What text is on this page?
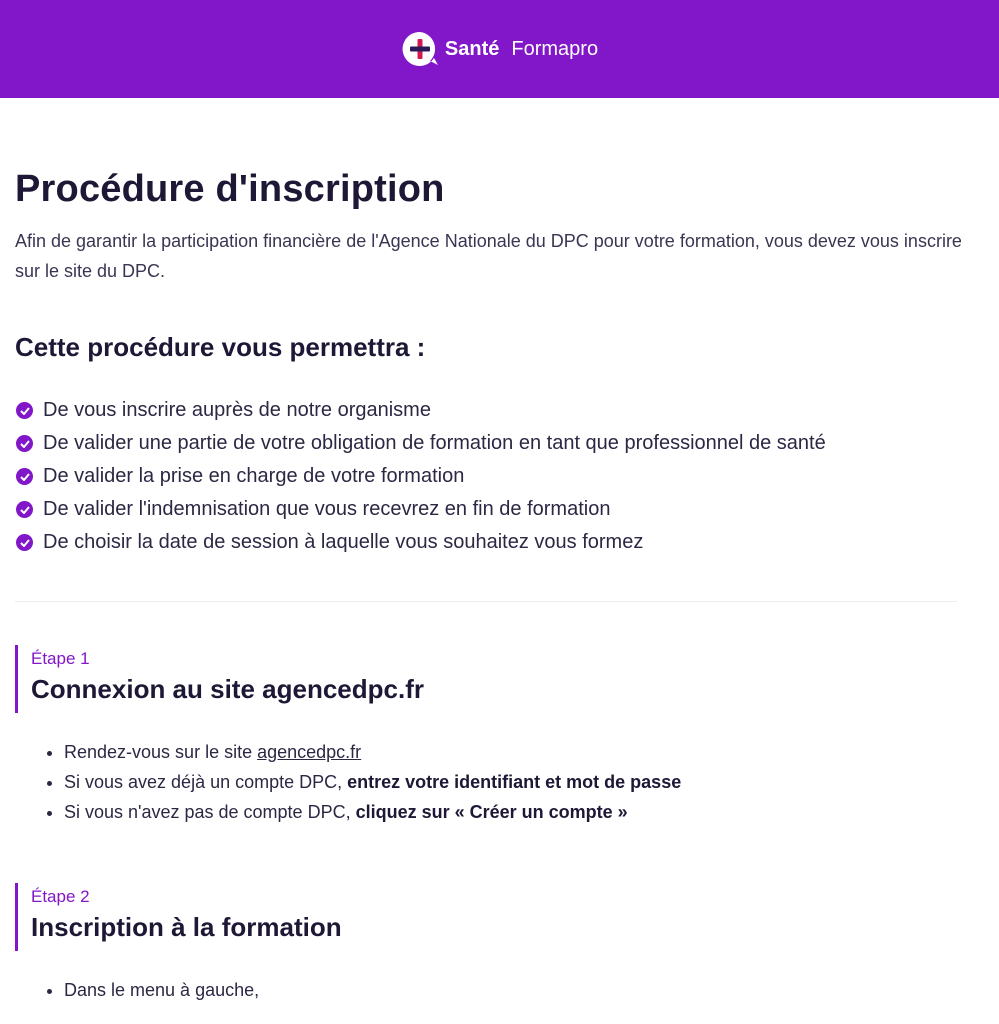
Santé Formapro
Procédure d'inscription

Afin de garantir la participation financière de l'Agence Nationale du DPC pour votre formation, vous devez vous inscrire sur le site du DPC.

Cette procédure vous permettra :
De vous inscrire auprès de notre organisme
De valider une partie de votre obligation de formation en tant que professionnel de santé
De valider la prise en charge de votre formation
De valider l'indemnisation que vous recevrez en fin de formation
De choisir la date de session à laquelle vous souhaitez vous formez
Étape 1
Connexion au site agencedpc.fr
• Rendez-vous sur le site agencedpc.fr
• Si vous avez déjà un compte DPC, entrez votre identifiant et mot de passe
• Si vous n'avez pas de compte DPC, cliquez sur « Créer un compte »
Étape 2
Inscription à la formation
• Dans le menu à gauche,
